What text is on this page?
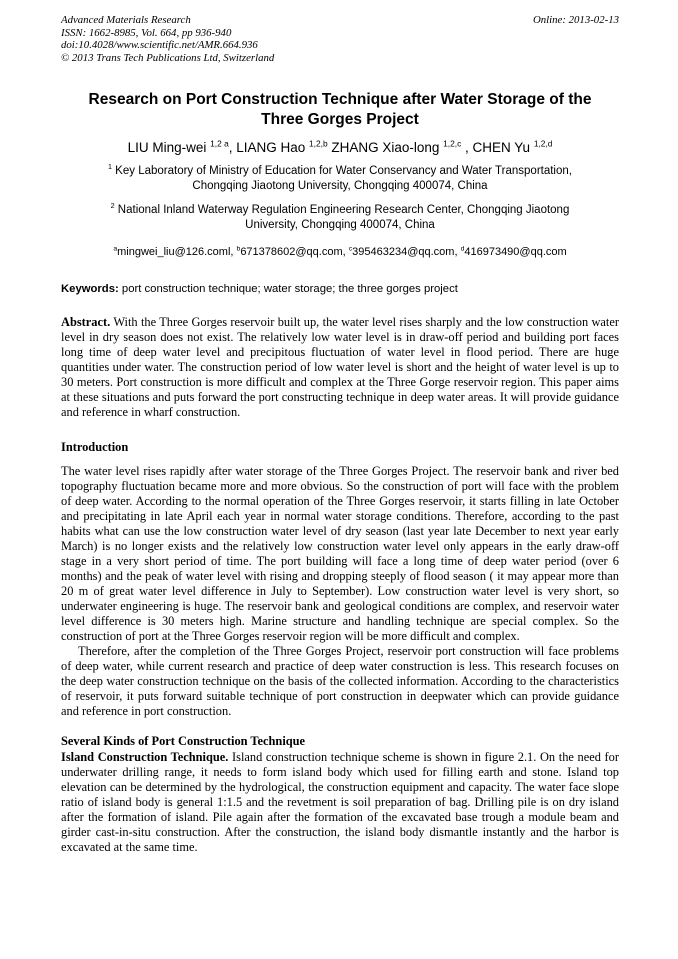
Advanced Materials Research
ISSN: 1662-8985, Vol. 664, pp 936-940
doi:10.4028/www.scientific.net/AMR.664.936
© 2013 Trans Tech Publications Ltd, Switzerland
Online: 2013-02-13
Research on Port Construction Technique after Water Storage of the Three Gorges Project
LIU Ming-wei $^{1,2 a}$, LIANG Hao $^{1,2,b}$ ZHANG Xiao-long $^{1,2,c}$ , CHEN Yu $^{1,2,d}$
$^1$ Key Laboratory of Ministry of Education for Water Conservancy and Water Transportation, Chongqing Jiaotong University, Chongqing 400074, China
$^2$ National Inland Waterway Regulation Engineering Research Center, Chongqing Jiaotong University, Chongqing 400074, China
$^a$mingwei_liu@126.coml, $^b$671378602@qq.com, $^c$395463234@qq.com, $^d$416973490@qq.com

Keywords: port construction technique; water storage; the three gorges project

Abstract. With the Three Gorges reservoir built up, the water level rises sharply and the low construction water level in dry season does not exist. The relatively low water level is in draw-off period and building port faces long time of deep water level and precipitous fluctuation of water level in flood period. There are huge quantities under water. The construction period of low water level is short and the height of water level is up to 30 meters. Port construction is more difficult and complex at the Three Gorge reservoir region. This paper aims at these situations and puts forward the port constructing technique in deep water areas. It will provide guidance and reference in wharf construction.

Introduction

The water level rises rapidly after water storage of the Three Gorges Project. The reservoir bank and river bed topography fluctuation became more and more obvious. So the construction of port will face with the problem of deep water. According to the normal operation of the Three Gorges reservoir, it starts filling in late October and precipitating in late April each year in normal water storage conditions. Therefore, according to the past habits what can use the low construction water level of dry season (last year late December to next year early March) is no longer exists and the relatively low construction water level only appears in the early draw-off stage in a very short period of time. The port building will face a long time of deep water period (over 6 months) and the peak of water level with rising and dropping steeply of flood season ( it may appear more than 20 m of great water level difference in July to September). Low construction water level is very short, so underwater engineering is huge. The reservoir bank and geological conditions are complex, and reservoir water level difference is 30 meters high. Marine structure and handling technique are special complex. So the construction of port at the Three Gorges reservoir region will be more difficult and complex.

Therefore, after the completion of the Three Gorges Project, reservoir port construction will face problems of deep water, while current research and practice of deep water construction is less. This research focuses on the deep water construction technique on the basis of the collected information. According to the characteristics of reservoir, it puts forward suitable technique of port construction in deepwater which can provide guidance and reference in port construction.

Several Kinds of Port Construction Technique

Island Construction Technique. Island construction technique scheme is shown in figure 2.1. On the need for underwater drilling range, it needs to form island body which used for filling earth and stone. Island top elevation can be determined by the hydrological, the construction equipment and capacity. The water face slope ratio of island body is general 1:1.5 and the revetment is soil preparation of bag. Drilling pile is on dry island after the formation of island. Pile again after the formation of the excavated base trough a module beam and girder cast-in-situ construction. After the construction, the island body dismantle instantly and the harbor is excavated at the same time.
